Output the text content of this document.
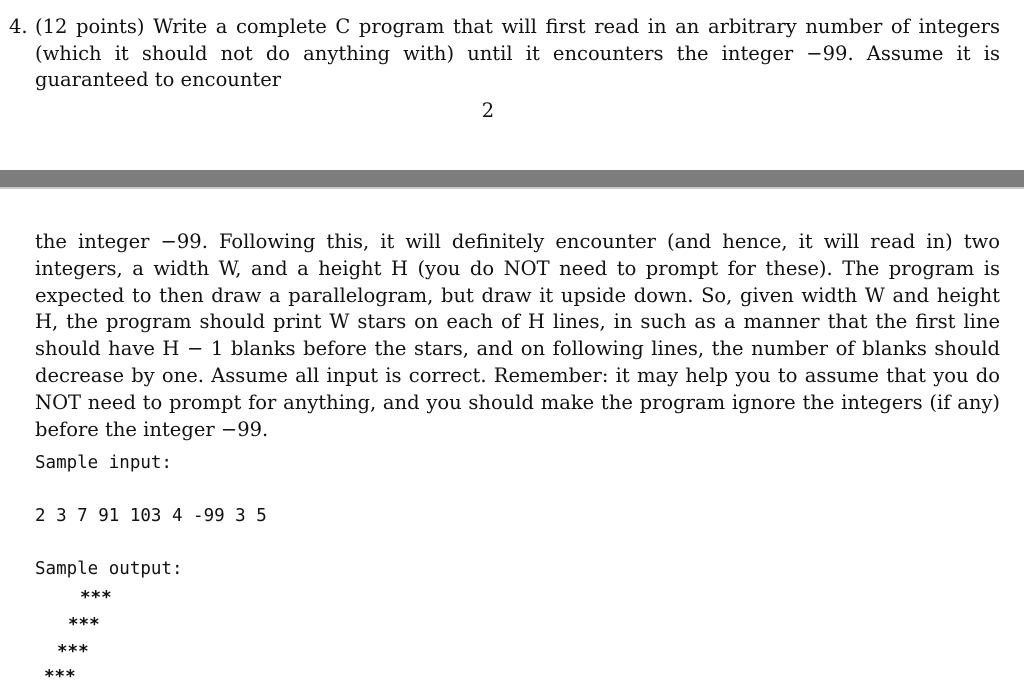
4. (12 points) Write a complete C program that will first read in an arbitrary number of integers (which it should not do anything with) until it encounters the integer −99. Assume it is guaranteed to encounter
2
the integer −99. Following this, it will definitely encounter (and hence, it will read in) two integers, a width W, and a height H (you do NOT need to prompt for these). The program is expected to then draw a parallelogram, but draw it upside down. So, given width W and height H, the program should print W stars on each of H lines, in such as a manner that the first line should have H − 1 blanks before the stars, and on following lines, the number of blanks should decrease by one. Assume all input is correct. Remember: it may help you to assume that you do NOT need to prompt for anything, and you should make the program ignore the integers (if any) before the integer −99.
Sample input:
2 3 7 91 103 4 -99 3 5
Sample output:
***
***
***
***
